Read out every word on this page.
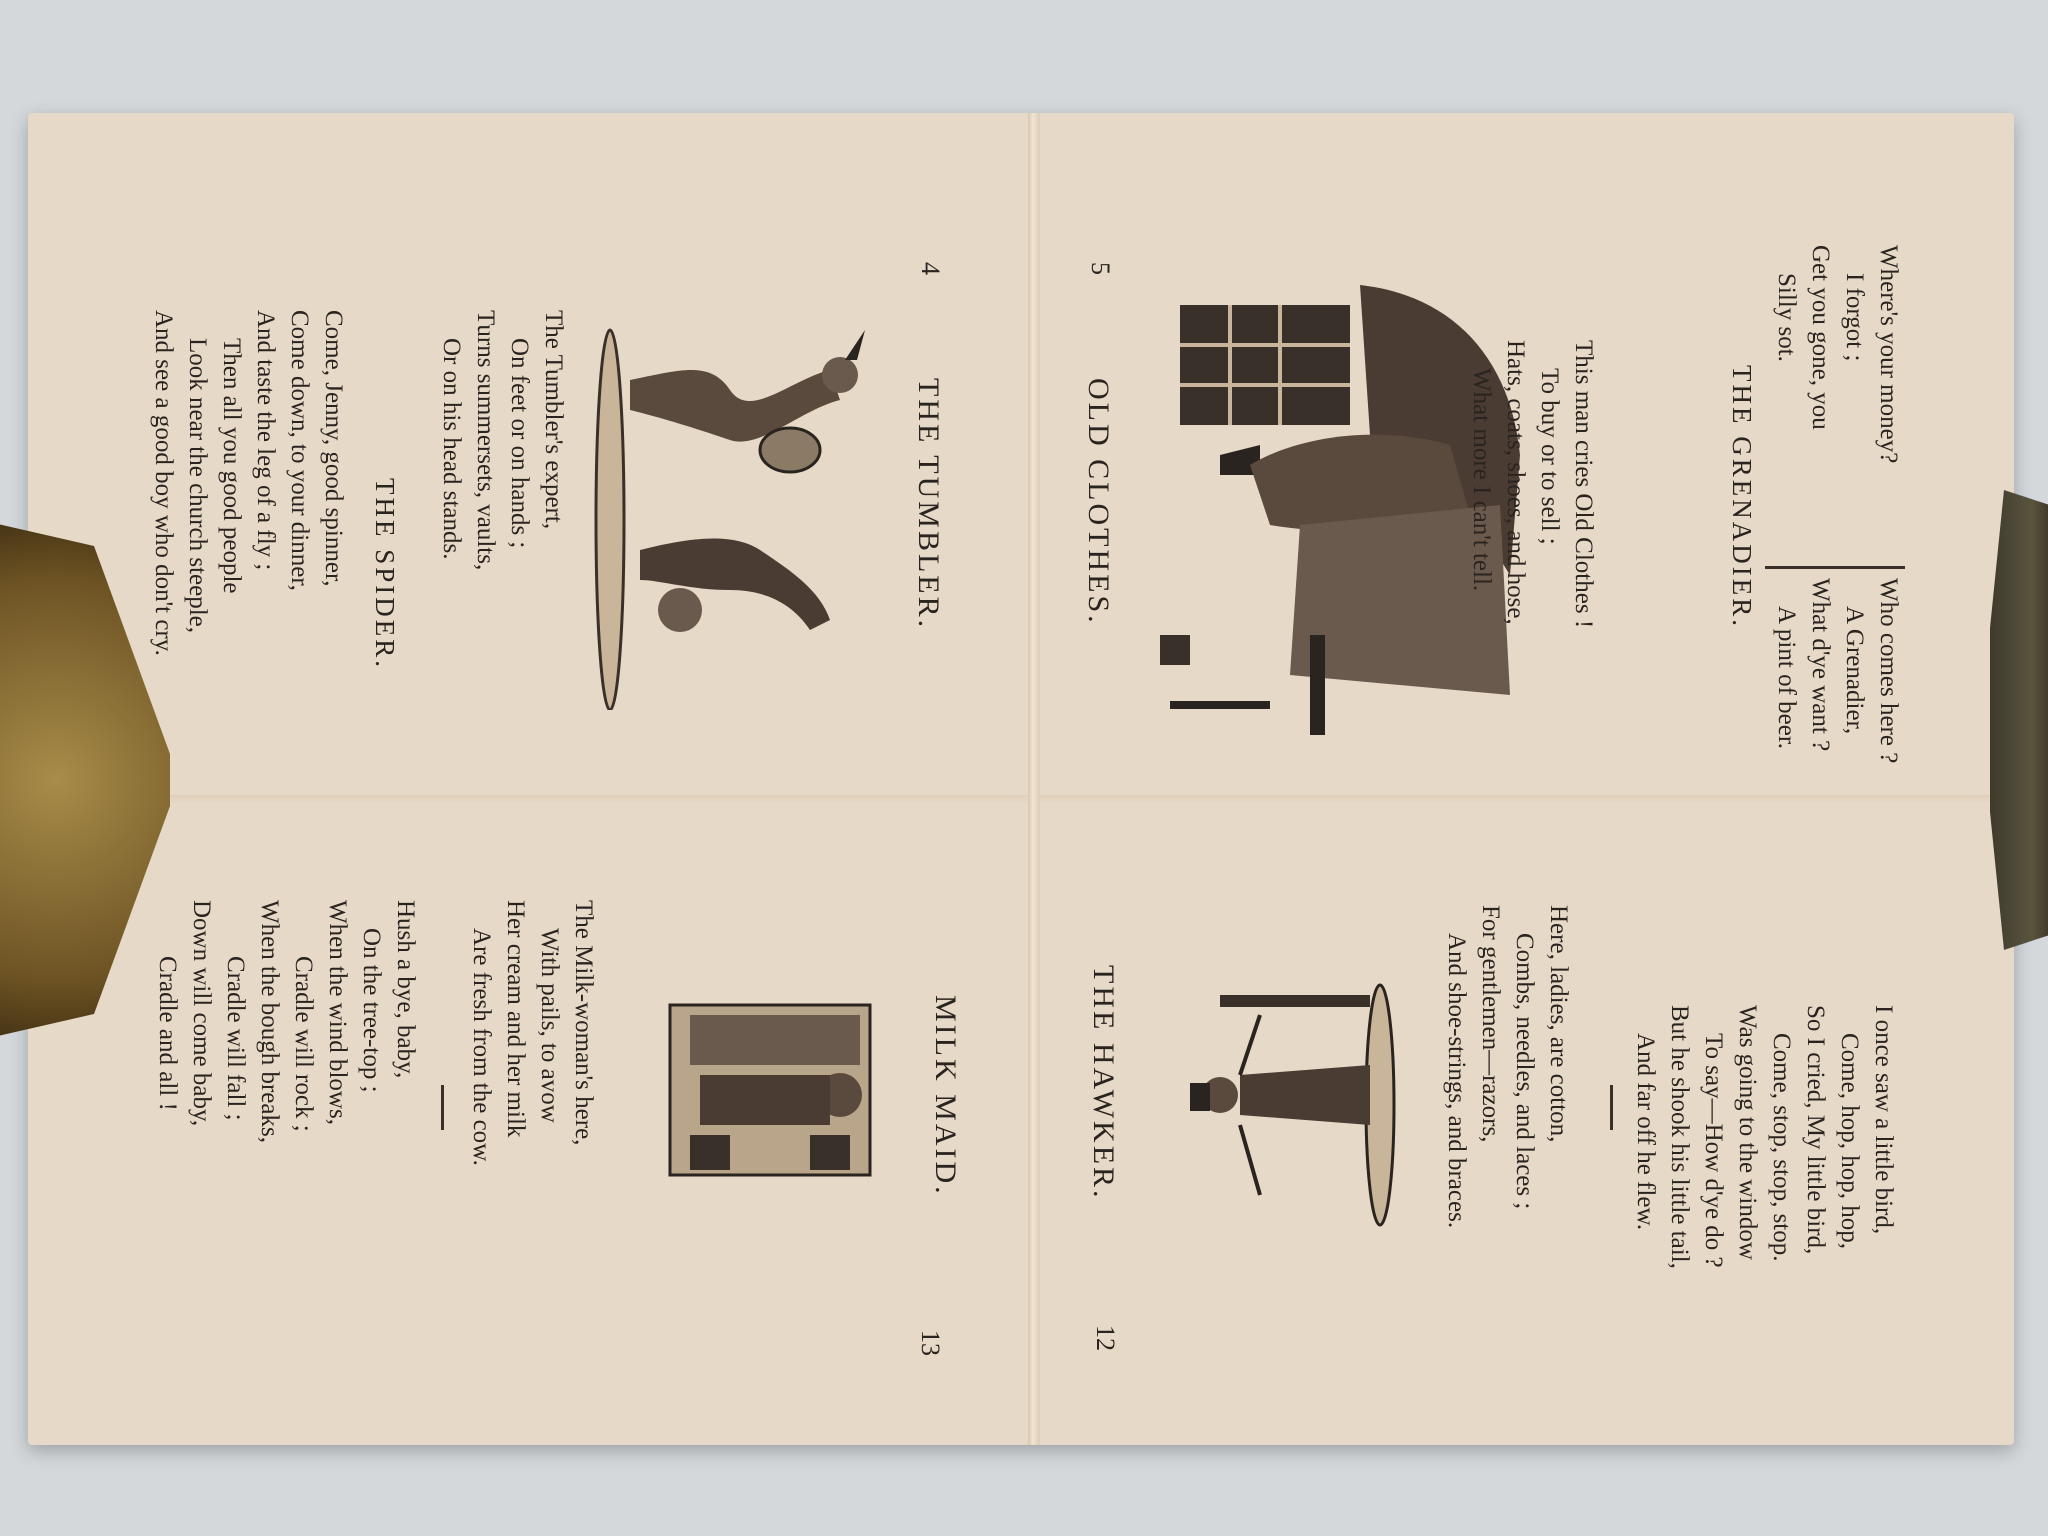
4
THE TUMBLER.
The Tumbler's expert,
On feet or on hands ;
Turns summersets, vaults,
Or on his head stands.
THE SPIDER.
Come, Jenny, good spinner,
Come down, to your dinner,
And taste the leg of a fly ;
Then all you good people
Look near the church steeple,
And see a good boy who don't cry.
MILK MAID.
13
The Milk-woman's here,
With pails, to avow
Her cream and her milk
Are fresh from the cow.
Hush a bye, baby,
On the tree-top ;
When the wind blows,
Cradle will rock ;
When the bough breaks,
Cradle will fall ;
Down will come baby,
Cradle and all !
5
OLD CLOTHES.	This man cries Old Clothes !
To buy or to sell ;
Hats, coats, shoes, and hose,
What more I can't tell.	THE GRENADIER.
Who comes here ?
A Grenadier,
What d'ye want ?
A pint of beer.
Where's your money?
I forgot ;
Get you gone, you
Silly sot.
THE HAWKER.
12
Here, ladies, are cotton,
Combs, needles, and laces ;
For gentlemen—razors,
And shoe-strings, and braces.	I once saw a little bird,
Come, hop, hop, hop,
So I cried, My little bird,
Come, stop, stop, stop.
Was going to the window
To say—How d'ye do ?
But he shook his little tail,
And far off he flew.
